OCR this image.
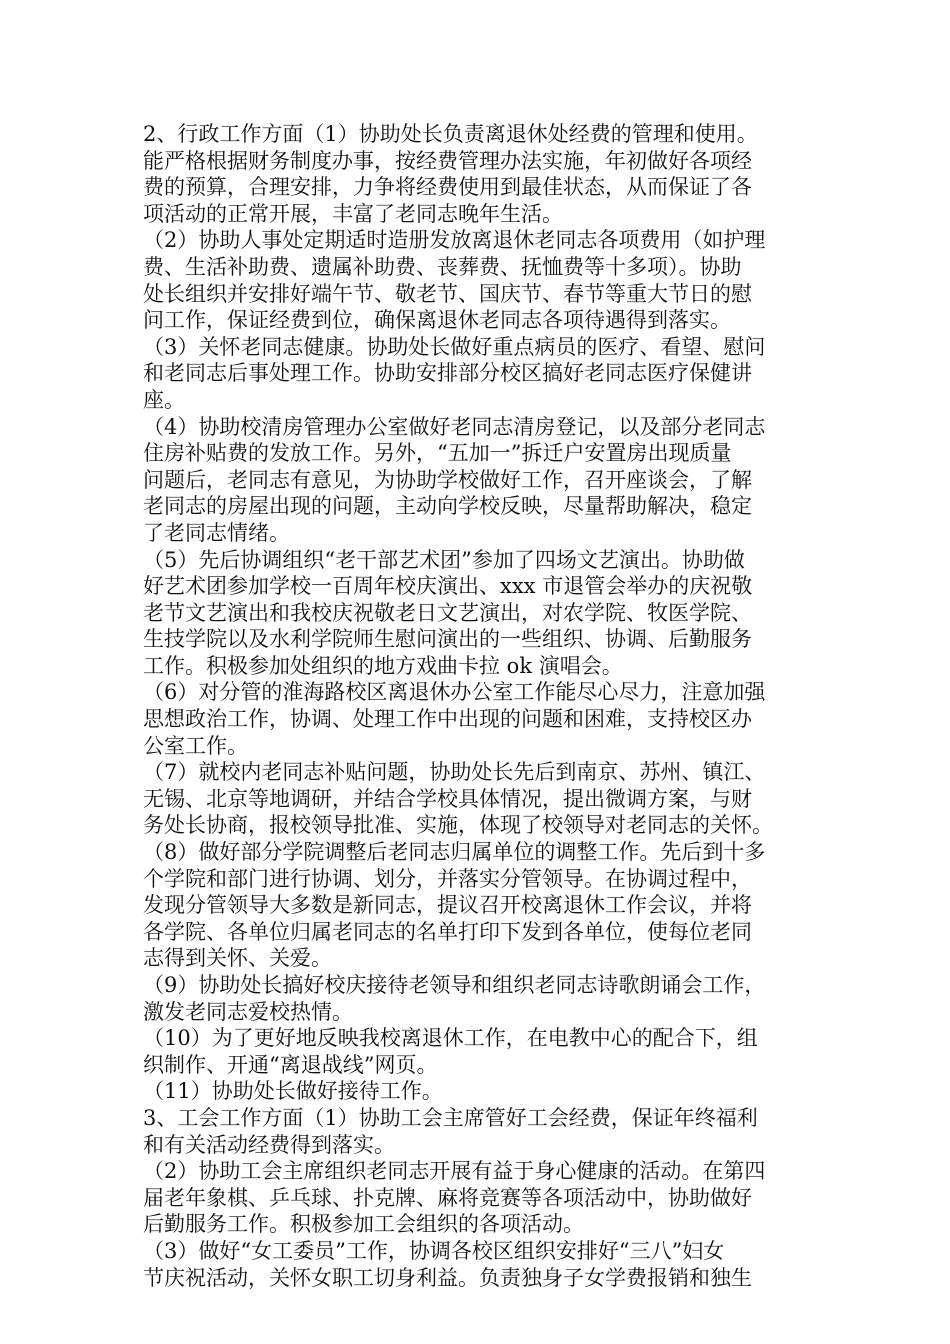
2、行政工作方面（1）协助处长负责离退休处经费的管理和使用。
能严格根据财务制度办事，按经费管理办法实施，年初做好各项经
费的预算，合理安排，力争将经费使用到最佳状态，从而保证了各
项活动的正常开展，丰富了老同志晚年生活。
（2）协助人事处定期适时造册发放离退休老同志各项费用（如护理
费、生活补助费、遗属补助费、丧葬费、抚恤费等十多项）。协助
处长组织并安排好端午节、敬老节、国庆节、春节等重大节日的慰
问工作，保证经费到位，确保离退休老同志各项待遇得到落实。
（3）关怀老同志健康。协助处长做好重点病员的医疗、看望、慰问
和老同志后事处理工作。协助安排部分校区搞好老同志医疗保健讲
座。
（4）协助校清房管理办公室做好老同志清房登记，以及部分老同志
住房补贴费的发放工作。另外，“五加一”拆迁户安置房出现质量
问题后，老同志有意见，为协助学校做好工作，召开座谈会，了解
老同志的房屋出现的问题，主动向学校反映，尽量帮助解决，稳定
了老同志情绪。
（5）先后协调组织“老干部艺术团”参加了四场文艺演出。协助做
好艺术团参加学校一百周年校庆演出、xxx 市退管会举办的庆祝敬
老节文艺演出和我校庆祝敬老日文艺演出，对农学院、牧医学院、
生技学院以及水利学院师生慰问演出的一些组织、协调、后勤服务
工作。积极参加处组织的地方戏曲卡拉 ok 演唱会。
（6）对分管的淮海路校区离退休办公室工作能尽心尽力，注意加强
思想政治工作，协调、处理工作中出现的问题和困难，支持校区办
公室工作。
（7）就校内老同志补贴问题，协助处长先后到南京、苏州、镇江、
无锡、北京等地调研，并结合学校具体情况，提出微调方案，与财
务处长协商，报校领导批准、实施，体现了校领导对老同志的关怀。
（8）做好部分学院调整后老同志归属单位的调整工作。先后到十多
个学院和部门进行协调、划分，并落实分管领导。在协调过程中，
发现分管领导大多数是新同志，提议召开校离退休工作会议，并将
各学院、各单位归属老同志的名单打印下发到各单位，使每位老同
志得到关怀、关爱。
（9）协助处长搞好校庆接待老领导和组织老同志诗歌朗诵会工作，
激发老同志爱校热情。
（10）为了更好地反映我校离退休工作，在电教中心的配合下，组
织制作、开通“离退战线”网页。
（11）协助处长做好接待工作。
3、工会工作方面（1）协助工会主席管好工会经费，保证年终福利
和有关活动经费得到落实。
（2）协助工会主席组织老同志开展有益于身心健康的活动。在第四
届老年象棋、乒乓球、扑克牌、麻将竞赛等各项活动中，协助做好
后勤服务工作。积极参加工会组织的各项活动。
（3）做好“女工委员”工作，协调各校区组织安排好“三八”妇女
节庆祝活动，关怀女职工切身利益。负责独身子女学费报销和独生
